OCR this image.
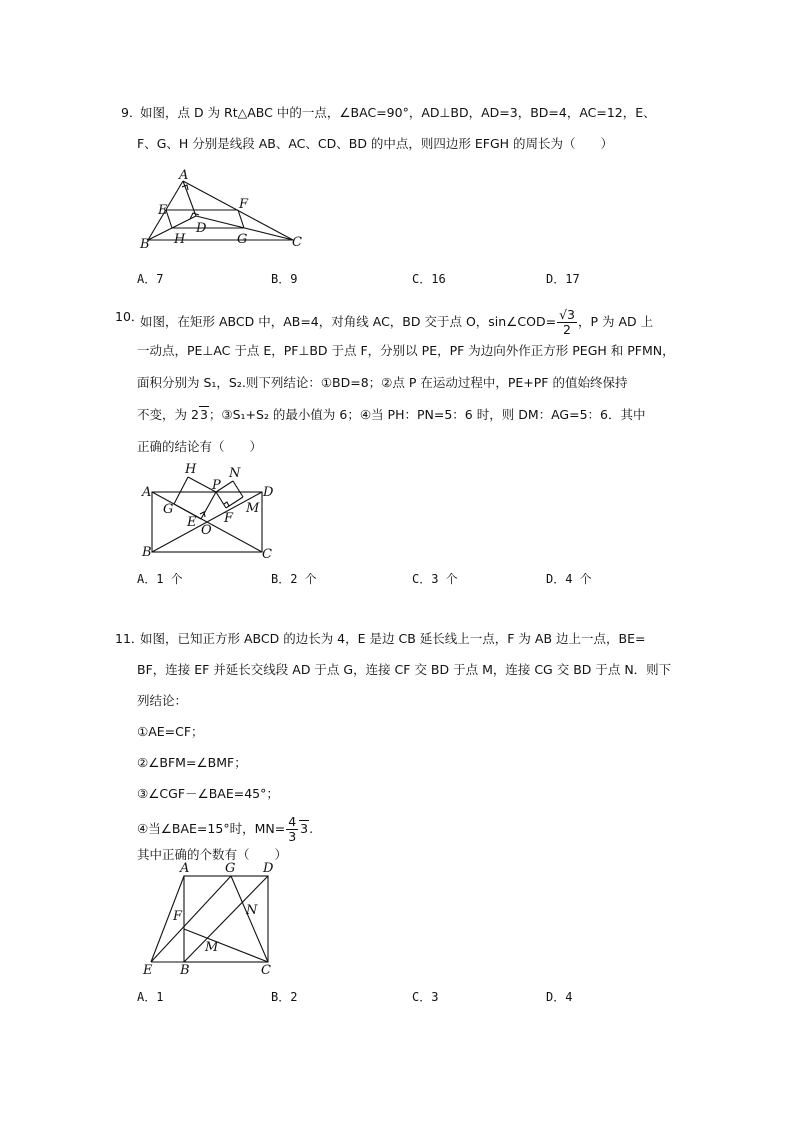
9．
如图，点 D 为 Rt△ABC 中的一点，∠BAC=90°，AD⊥BD，AD=3，BD=4，AC=12，E、
F、G、H 分别是线段 AB、AC、CD、BD 的中点，则四边形 EFGH 的周长为（　　）
A
E	F
D
B H	G	C
A．7	B．9	C．16	D．17
10．
如图，在矩形 ABCD 中，AB=4，对角线 AC，BD 交于点 O，sin∠COD= $\frac{√3}{2}$ ，P 为 AD 上
一动点，PE⊥AC 于点 E，PF⊥BD 于点 F，分别以 PE，PF 为边向外作正方形 PEGH 和 PFMN，
面积分别为 S₁，S₂.则下列结论：①BD=8；②点 P 在运动过程中，PE+PF 的值始终保持
不变，为 23；③S₁+S₂ 的最小值为 6；④当 PH：PN=5：6 时，则 DM：AG=5：6．其中
正确的结论有（　　）
H	N
P
A	D
G	M
E F
O
B	C
A．1 个	B．2 个	C．3 个	D．4 个
11．
如图，已知正方形 ABCD 的边长为 4，E 是边 CB 延长线上一点，F 为 AB 边上一点，BE=
BF，连接 EF 并延长交线段 AD 于点 G，连接 CF 交 BD 于点 M，连接 CG 交 BD 于点 N．则下
列结论：
①AE=CF；
②∠BFM=∠BMF；
③∠CGF－∠BAE=45°；
④当∠BAE=15°时，$MN= \frac{4}{3} 3$.
其中正确的个数有（　　）
A	G D
F	N
M
E B	C
A．1	B．2	C．3	D．4
